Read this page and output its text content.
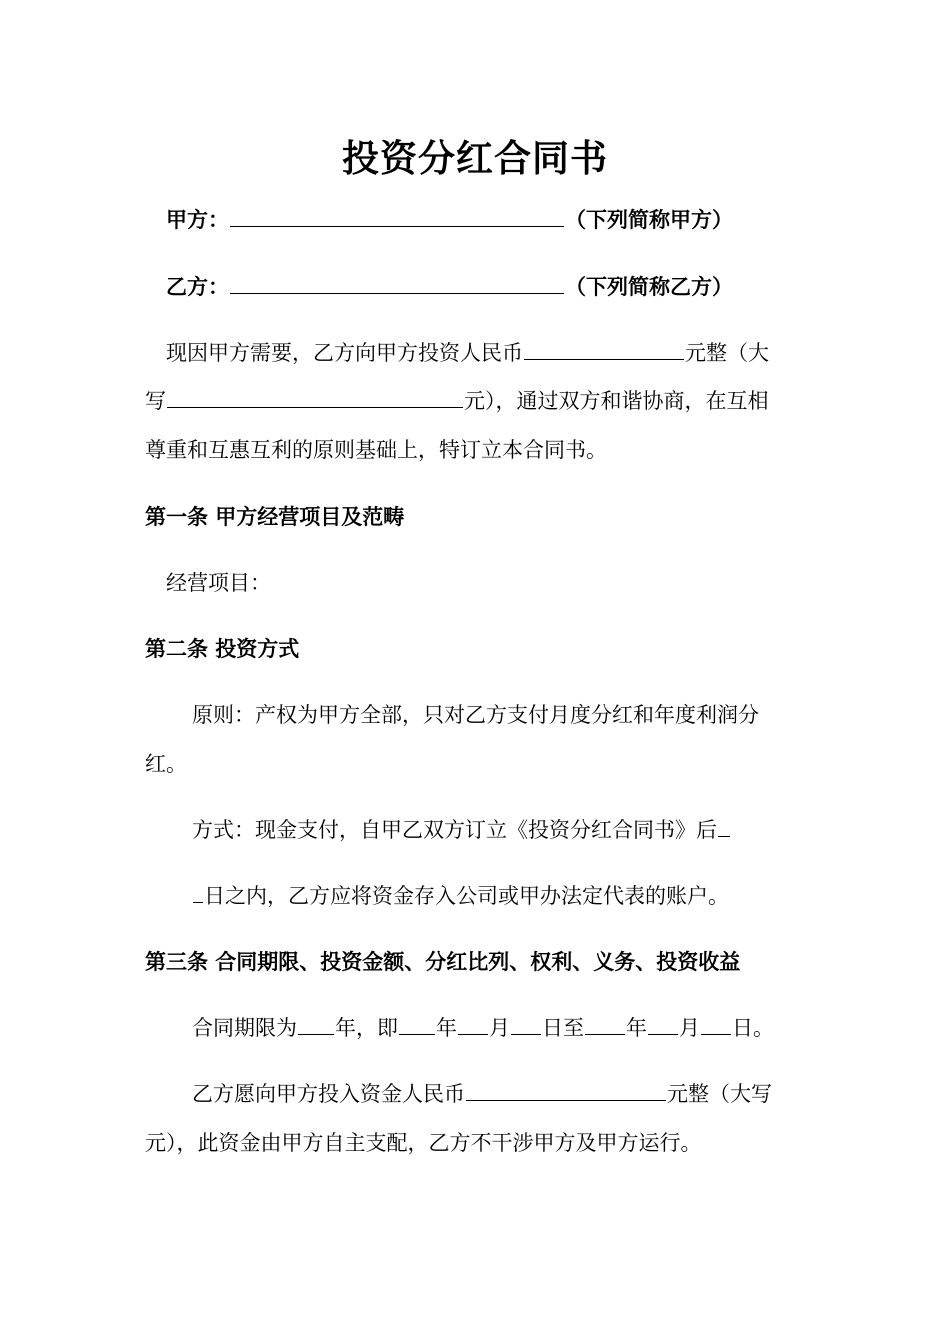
投资分红合同书
甲方：	（下列简称甲方）
乙方：	（下列简称乙方）
现因甲方需要，乙方向甲方投资人民币	元整（大
写	元），通过双方和谐协商，在互相
尊重和互惠互利的原则基础上，特订立本合同书。
第一条 甲方经营项目及范畴
经营项目：
第二条 投资方式
原则：产权为甲方全部，只对乙方支付月度分红和年度利润分
红。
方式：现金支付，自甲乙双方订立《投资分红合同书》后
日之内，乙方应将资金存入公司或甲办法定代表的账户。
第三条 合同期限、投资金额、分红比列、权利、义务、投资收益
合同期限为 年，即 年 月 日至 年 月 日。
乙方愿向甲方投入资金人民币	元整（大写
元），此资金由甲方自主支配，乙方不干涉甲方及甲方运行。
